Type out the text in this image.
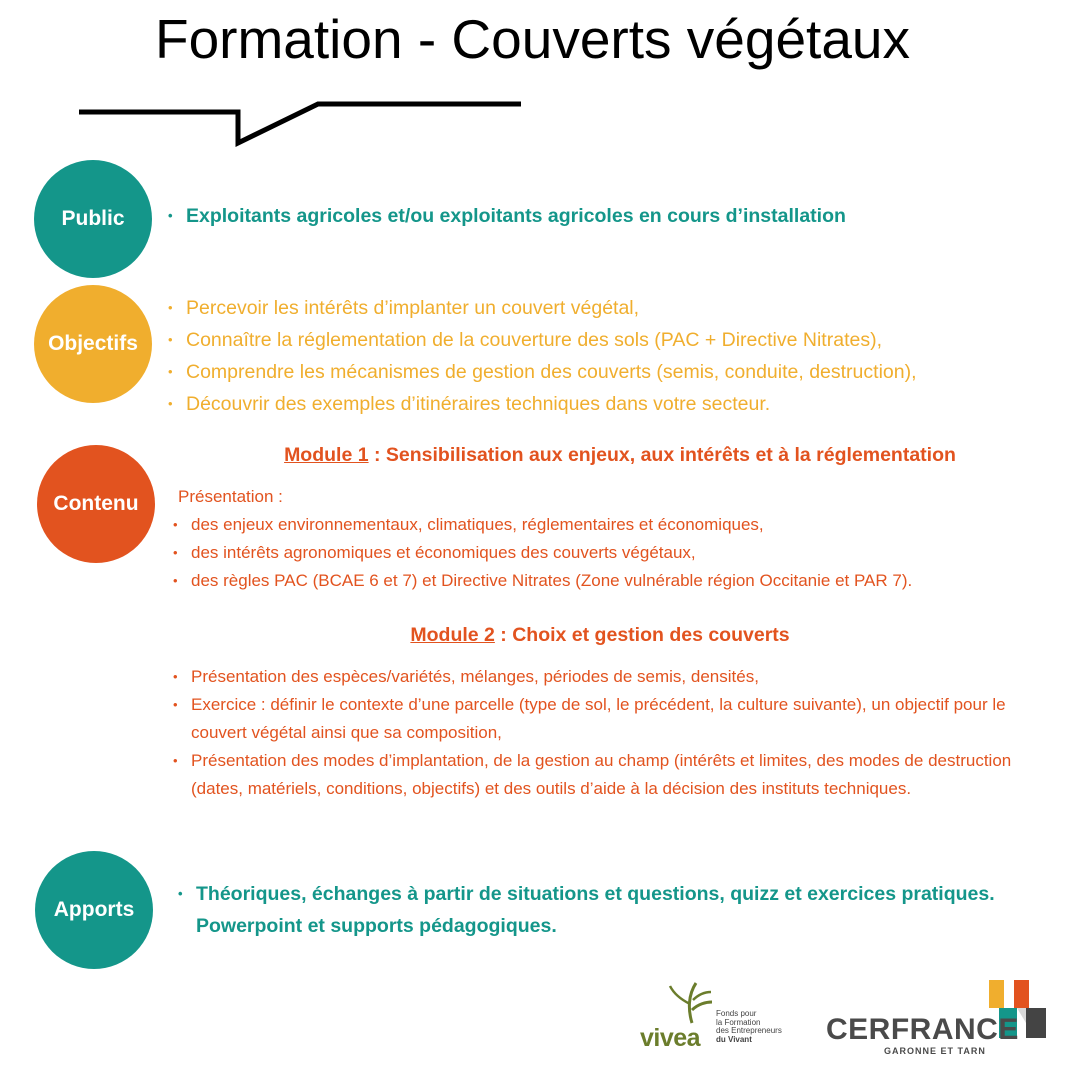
Formation - Couverts végétaux
Public
•	Exploitants agricoles et/ou exploitants agricoles en cours d’installation
Objectifs
• Percevoir les intérêts d’implanter un couvert végétal,
• Connaître la réglementation de la couverture des sols (PAC + Directive Nitrates),
• Comprendre les mécanismes de gestion des couverts (semis, conduite, destruction),
• Découvrir des exemples d’itinéraires techniques dans votre secteur.
Contenu
Module 1 : Sensibilisation aux enjeux, aux intérêts et à la réglementation
Présentation :
• des enjeux environnementaux, climatiques, réglementaires et économiques,
• des intérêts agronomiques et économiques des couverts végétaux,
• des règles PAC (BCAE 6 et 7) et Directive Nitrates (Zone vulnérable région Occitanie et PAR 7).
Module 2 : Choix et gestion des couverts
• Présentation des espèces/variétés, mélanges, périodes de semis, densités,
• Exercice : définir le contexte d’une parcelle (type de sol, le précédent, la culture suivante), un objectif pour le couvert végétal ainsi que sa composition,
• Présentation des modes d’implantation, de la gestion au champ (intérêts et limites, des modes de destruction (dates, matériels, conditions, objectifs) et des outils d’aide à la décision des instituts techniques.
Apports
• Théoriques, échanges à partir de situations et questions, quizz et exercices pratiques. Powerpoint et supports pédagogiques.
vivea
Fonds pour
la Formation
des Entrepreneurs
du Vivant	CERFRANCE
GARONNE ET TARN
